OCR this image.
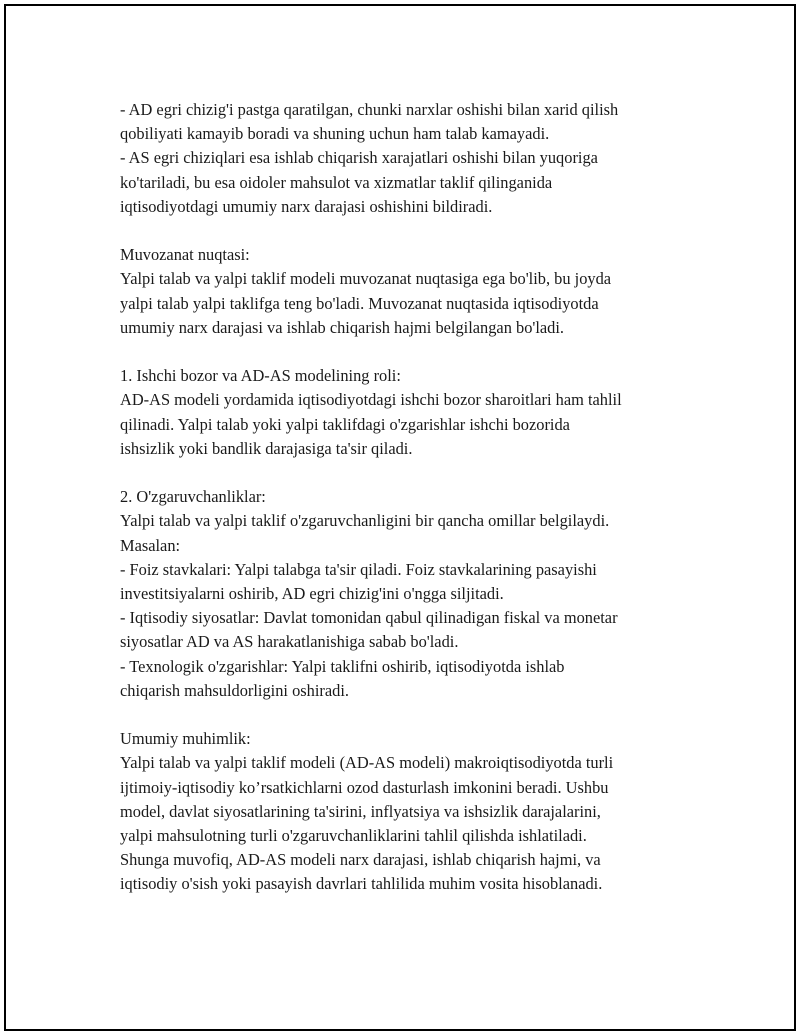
- AD egri chizig'i pastga qaratilgan, chunki narxlar oshishi bilan xarid qilish
qobiliyati kamayib boradi va shuning uchun ham talab kamayadi.
- AS egri chiziqlari esa ishlab chiqarish xarajatlari oshishi bilan yuqoriga
ko'tariladi, bu esa oidoler mahsulot va xizmatlar taklif qilinganida
iqtisodiyotdagi umumiy narx darajasi oshishini bildiradi.
Muvozanat nuqtasi:
Yalpi talab va yalpi taklif modeli muvozanat nuqtasiga ega bo'lib, bu joyda
yalpi talab yalpi taklifga teng bo'ladi. Muvozanat nuqtasida iqtisodiyotda
umumiy narx darajasi va ishlab chiqarish hajmi belgilangan bo'ladi.
1. Ishchi bozor va AD-AS modelining roli:
AD-AS modeli yordamida iqtisodiyotdagi ishchi bozor sharoitlari ham tahlil
qilinadi. Yalpi talab yoki yalpi taklifdagi o'zgarishlar ishchi bozorida
ishsizlik yoki bandlik darajasiga ta'sir qiladi.
2. O'zgaruvchanliklar:
Yalpi talab va yalpi taklif o'zgaruvchanligini bir qancha omillar belgilaydi.
Masalan:
- Foiz stavkalari: Yalpi talabga ta'sir qiladi. Foiz stavkalarining pasayishi
investitsiyalarni oshirib, AD egri chizig'ini o'ngga siljitadi.
- Iqtisodiy siyosatlar: Davlat tomonidan qabul qilinadigan fiskal va monetar
siyosatlar AD va AS harakatlanishiga sabab bo'ladi.
- Texnologik o'zgarishlar: Yalpi taklifni oshirib, iqtisodiyotda ishlab
chiqarish mahsuldorligini oshiradi.
Umumiy muhimlik:
Yalpi talab va yalpi taklif modeli (AD-AS modeli) makroiqtisodiyotda turli
ijtimoiy-iqtisodiy ko’rsatkichlarni ozod dasturlash imkonini beradi. Ushbu
model, davlat siyosatlarining ta'sirini, inflyatsiya va ishsizlik darajalarini,
yalpi mahsulotning turli o'zgaruvchanliklarini tahlil qilishda ishlatiladi.
Shunga muvofiq, AD-AS modeli narx darajasi, ishlab chiqarish hajmi, va
iqtisodiy o'sish yoki pasayish davrlari tahlilida muhim vosita hisoblanadi.
